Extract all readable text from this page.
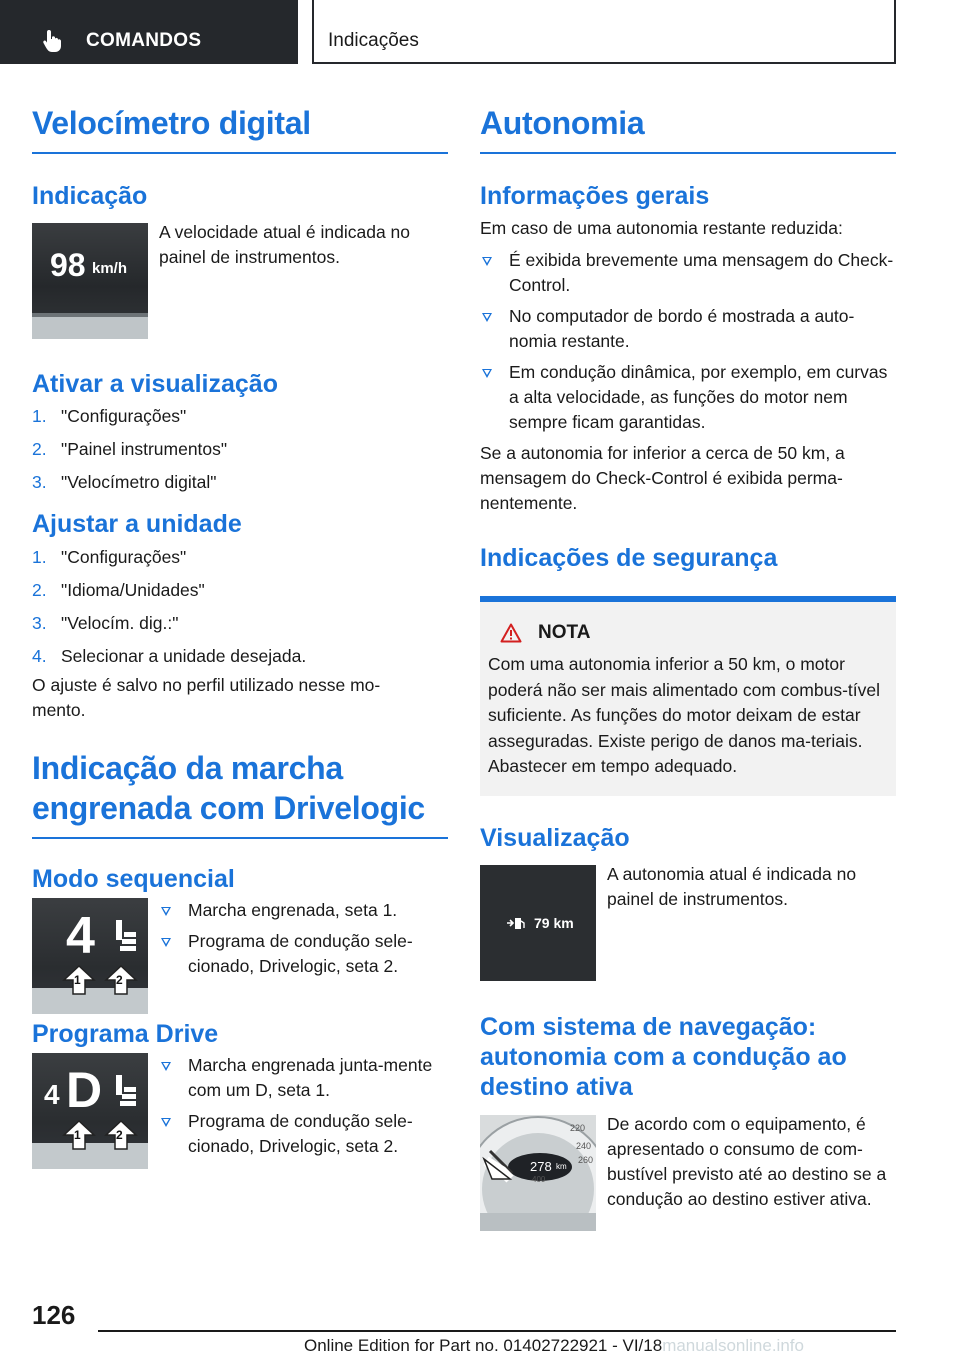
COMANDOS	Indicações
Velocímetro digital
Indicação
98 km/h
A velocidade atual é indicada no painel de instrumentos.
Ativar a visualização
1. "Configurações"
2. "Painel instrumentos"
3. "Velocímetro digital"
Ajustar a unidade
1. "Configurações"
2. "Idioma/Unidades"
3. "Velocím. dig.:"
4. Selecionar a unidade desejada.
O ajuste é salvo no perfil utilizado nesse mo-mento.
Indicação da marcha
engrenada com Drivelogic
Modo sequencial
4
1	2
Marcha engrenada, seta 1.
Programa de condução sele-cionado, Drivelogic, seta 2.
Programa Drive
4 D
1	2
Marcha engrenada junta-mente com um D, seta 1.
Programa de condução sele-cionado, Drivelogic, seta 2.
Autonomia
Informações gerais
Em caso de uma autonomia restante reduzida:
É exibida brevemente uma mensagem do Check-Control.
No computador de bordo é mostrada a auto-nomia restante.
Em condução dinâmica, por exemplo, em curvas a alta velocidade, as funções do motor nem sempre ficam garantidas.
Se a autonomia for inferior a cerca de 50 km, a mensagem do Check-Control é exibida perma-nentemente.
Indicações de segurança
NOTA
Com uma autonomia inferior a 50 km, o motor poderá não ser mais alimentado com combus-tível suficiente. As funções do motor deixam de estar asseguradas. Existe perigo de danos ma-teriais. Abastecer em tempo adequado.
Visualização
79 km
A autonomia atual é indicada no painel de instrumentos.
Com sistema de navegação:
autonomia com a condução ao
destino ativa
278 km
220
240
260
400
De acordo com o equipamento, é apresentado o consumo de com-bustível previsto até ao destino se a condução ao destino estiver ativa.
126
Online Edition for Part no. 01402722921 - VI/18manualsonline.info
